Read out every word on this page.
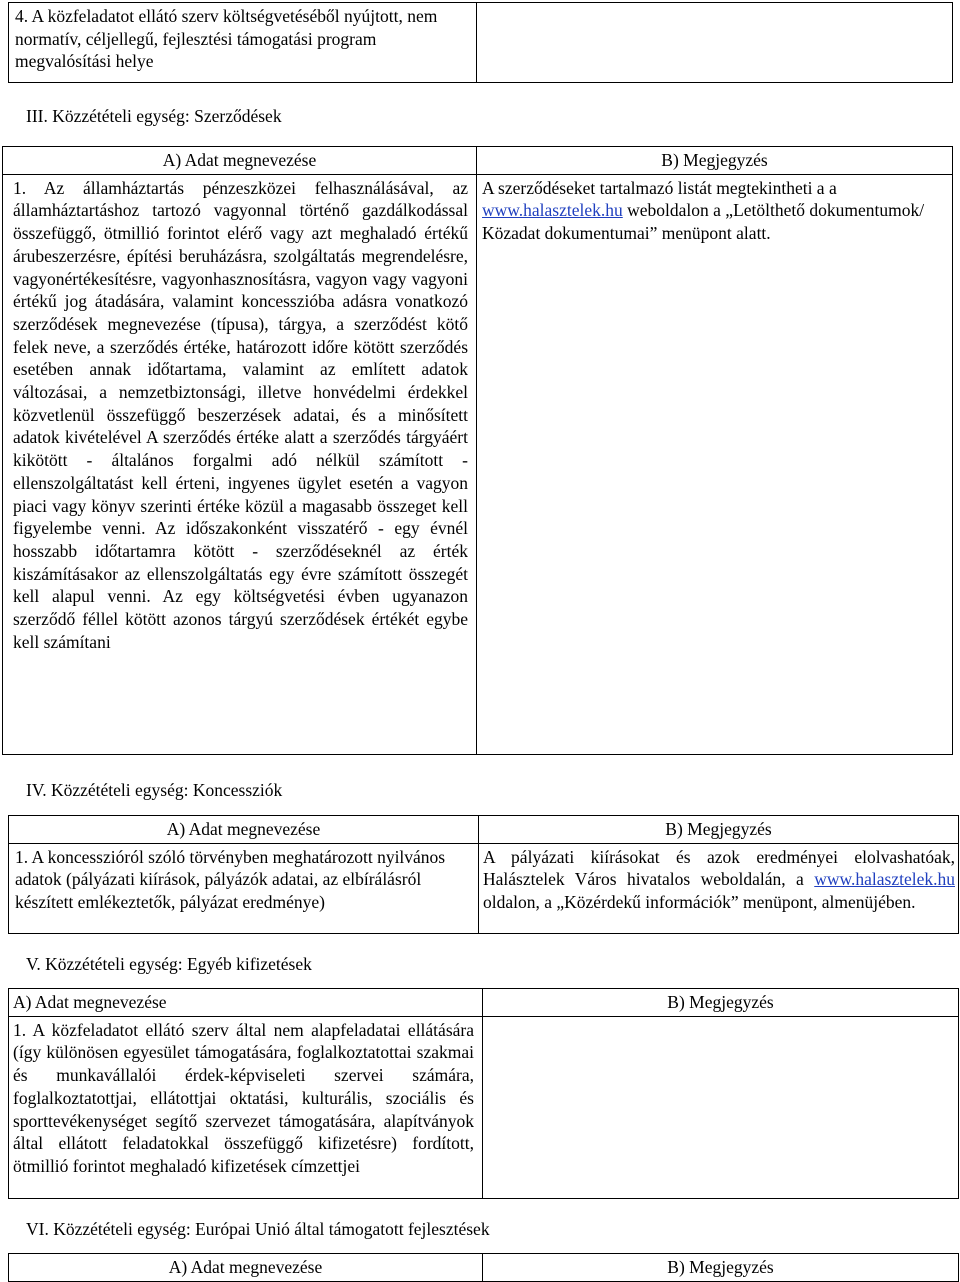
4. A közfeladatot ellátó szerv költségvetéséből nyújtott, nem normatív, céljellegű, fejlesztési támogatási program megvalósítási helye	
III. Közzétételi egység: Szerződések
A) Adat megnevezése	B) Megjegyzés
1. Az államháztartás pénzeszközei felhasználásával, az államháztartáshoz tartozó vagyonnal történő gazdálkodással összefüggő, ötmillió forintot elérő vagy azt meghaladó értékű árubeszerzésre, építési beruházásra, szolgáltatás megrendelésre, vagyonértékesítésre, vagyonhasznosításra, vagyon vagy vagyoni értékű jog átadására, valamint koncesszióba adásra vonatkozó szerződések megnevezése (típusa), tárgya, a szerződést kötő felek neve, a szerződés értéke, határozott időre kötött szerződés esetében annak időtartama, valamint az említett adatok változásai, a nemzetbiztonsági, illetve honvédelmi érdekkel közvetlenül összefüggő beszerzések adatai, és a minősített adatok kivételével A szerződés értéke alatt a szerződés tárgyáért kikötött - általános forgalmi adó nélkül számított - ellenszolgáltatást kell érteni, ingyenes ügylet esetén a vagyon piaci vagy könyv szerinti értéke közül a magasabb összeget kell figyelembe venni. Az időszakonként visszatérő - egy évnél hosszabb időtartamra kötött - szerződéseknél az érték kiszámításakor az ellenszolgáltatás egy évre számított összegét kell alapul venni. Az egy költségvetési évben ugyanazon szerződő féllel kötött azonos tárgyú szerződések értékét egybe kell számítani	A szerződéseket tartalmazó listát megtekintheti a a www.halasztelek.hu weboldalon a „Letölthető dokumentumok/ Közadat dokumentumai” menüpont alatt.
IV. Közzétételi egység: Koncessziók
A) Adat megnevezése	B) Megjegyzés
1. A koncesszióról szóló törvényben meghatározott nyilvános adatok (pályázati kiírások, pályázók adatai, az elbírálásról készített emlékeztetők, pályázat eredménye)	A pályázati kiírásokat és azok eredményei elolvashatóak, Halásztelek Város hivatalos weboldalán, a www.halasztelek.hu oldalon, a „Közérdekű információk” menüpont, almenüjében.
V. Közzétételi egység: Egyéb kifizetések
A) Adat megnevezése	B) Megjegyzés
1. A közfeladatot ellátó szerv által nem alapfeladatai ellátására (így különösen egyesület támogatására, foglalkoztatottai szakmai és munkavállalói érdek-képviseleti szervei számára, foglalkoztatottjai, ellátottjai oktatási, kulturális, szociális és sporttevékenységet segítő szervezet támogatására, alapítványok által ellátott feladatokkal összefüggő kifizetésre) fordított, ötmillió forintot meghaladó kifizetések címzettjei	
VI. Közzétételi egység: Európai Unió által támogatott fejlesztések
A) Adat megnevezése	B) Megjegyzés
